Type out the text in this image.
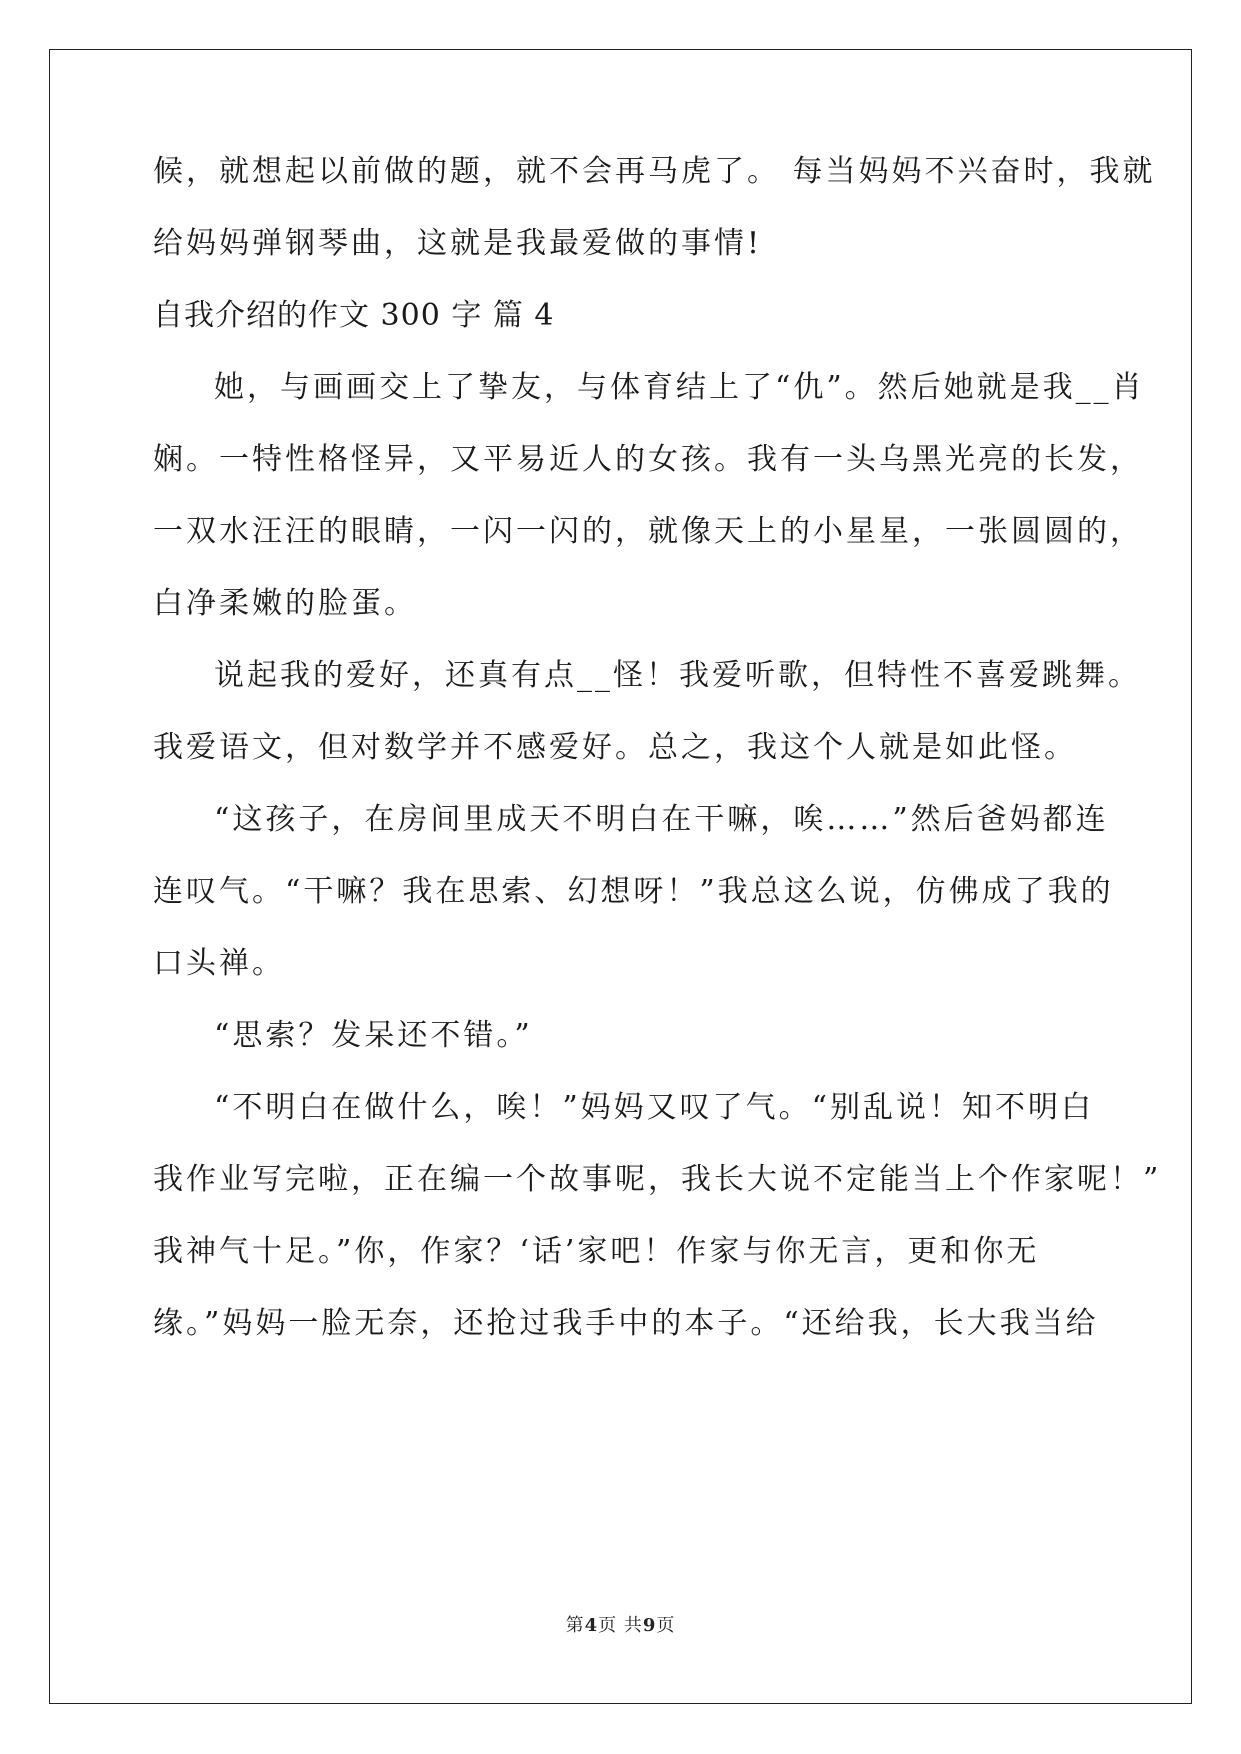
候，就想起以前做的题，就不会再马虎了。 每当妈妈不兴奋时，我就
给妈妈弹钢琴曲，这就是我最爱做的事情!
自我介绍的作文 300 字 篇 4
她，与画画交上了挚友，与体育结上了“仇”。然后她就是我__肖
娴。一特性格怪异，又平易近人的女孩。我有一头乌黑光亮的长发，
一双水汪汪的眼睛，一闪一闪的，就像天上的小星星，一张圆圆的，
白净柔嫩的脸蛋。
说起我的爱好，还真有点__怪！我爱听歌，但特性不喜爱跳舞。
我爱语文，但对数学并不感爱好。总之，我这个人就是如此怪。
“这孩子，在房间里成天不明白在干嘛，唉……”然后爸妈都连
连叹气。“干嘛？我在思索、幻想呀！”我总这么说，仿佛成了我的
口头禅。
“思索？发呆还不错。”
“不明白在做什么，唉！”妈妈又叹了气。“别乱说！知不明白
我作业写完啦，正在编一个故事呢，我长大说不定能当上个作家呢！”
我神气十足。”你，作家？‘话’家吧！作家与你无言，更和你无
缘。”妈妈一脸无奈，还抢过我手中的本子。“还给我，长大我当给
第4页 共9页
